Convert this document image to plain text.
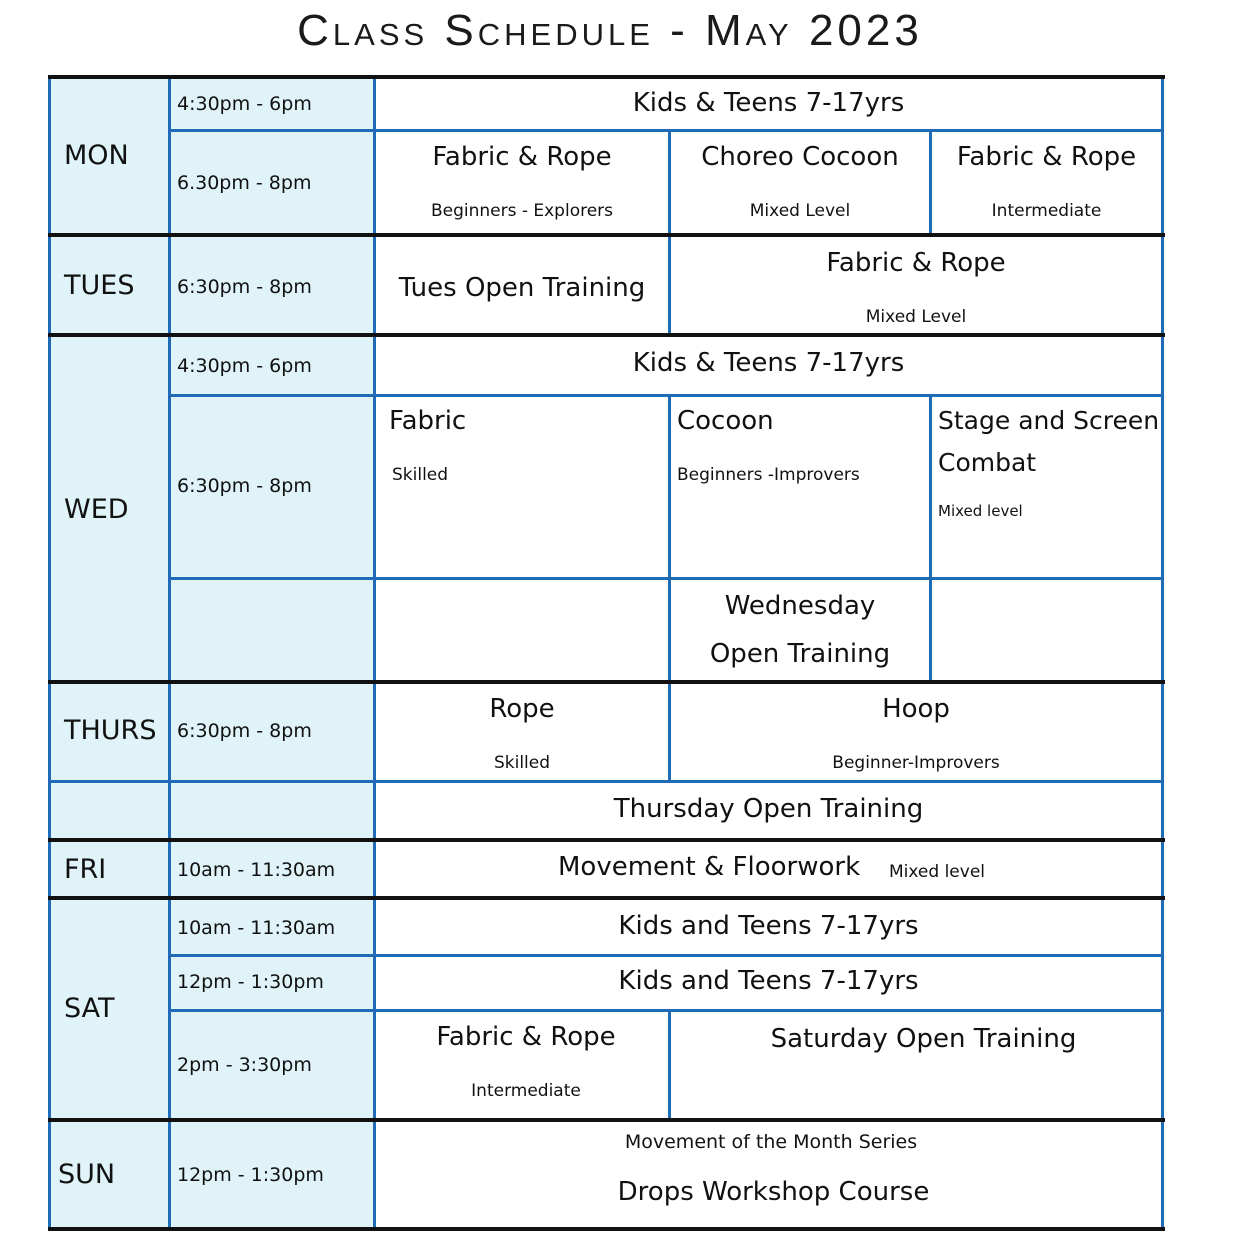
Class Schedule - May 2023
MON
TUES
WED
THURS
FRI
SAT
SUN
4:30pm - 6pm
6.30pm - 8pm
6:30pm - 8pm
4:30pm - 6pm
6:30pm - 8pm
6:30pm - 8pm
10am - 11:30am
10am - 11:30am
12pm - 1:30pm
2pm - 3:30pm
12pm - 1:30pm
Kids & Teens 7-17yrs
Fabric & Rope
Beginners - Explorers
Choreo Cocoon
Mixed Level
Fabric & Rope
Intermediate
Tues Open Training
Fabric & Rope
Mixed Level
Kids & Teens 7-17yrs
Fabric
Skilled
Cocoon
Beginners -Improvers
Stage and Screen
Combat
Mixed level
Wednesday
Open Training
Rope
Skilled
Hoop
Beginner-Improvers
Thursday Open Training
Movement & Floorwork Mixed level
Kids and Teens 7-17yrs
Kids and Teens 7-17yrs
Fabric & Rope
Intermediate
Saturday Open Training
Movement of the Month Series
Drops Workshop Course
